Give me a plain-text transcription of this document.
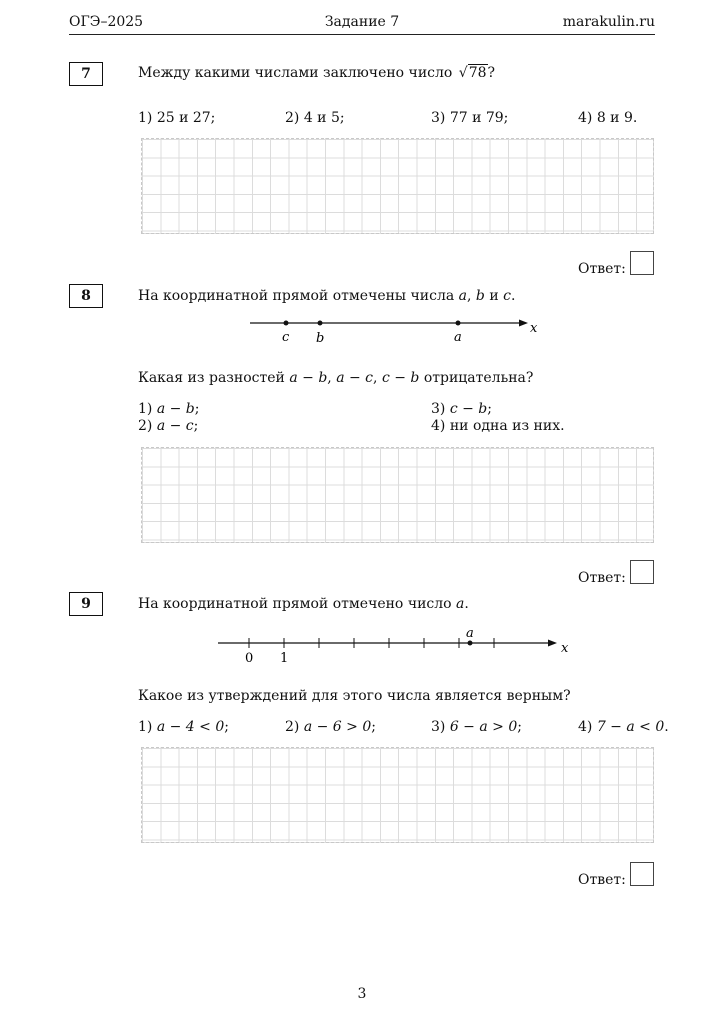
ОГЭ–2025	Задание 7	marakulin.ru
7	Между какими числами заключено число √78?
1) 25 и 27;	2) 4 и 5;	3) 77 и 79;	4) 8 и 9.
Ответ:
8	На координатной прямой отмечены числа a, b и c.
x
c b	a
Какая из разностей a − b, a − c, c − b отрицательна?
1) a − b;	3) c − b;
2) a − c;	4) ни одна из них.
Ответ:
9	На координатной прямой отмечено число a.
x
a
0 1
Какое из утверждений для этого числа является верным?
1) a − 4 < 0;	2) a − 6 > 0;	3) 6 − a > 0;	4) 7 − a < 0.
Ответ:
3
